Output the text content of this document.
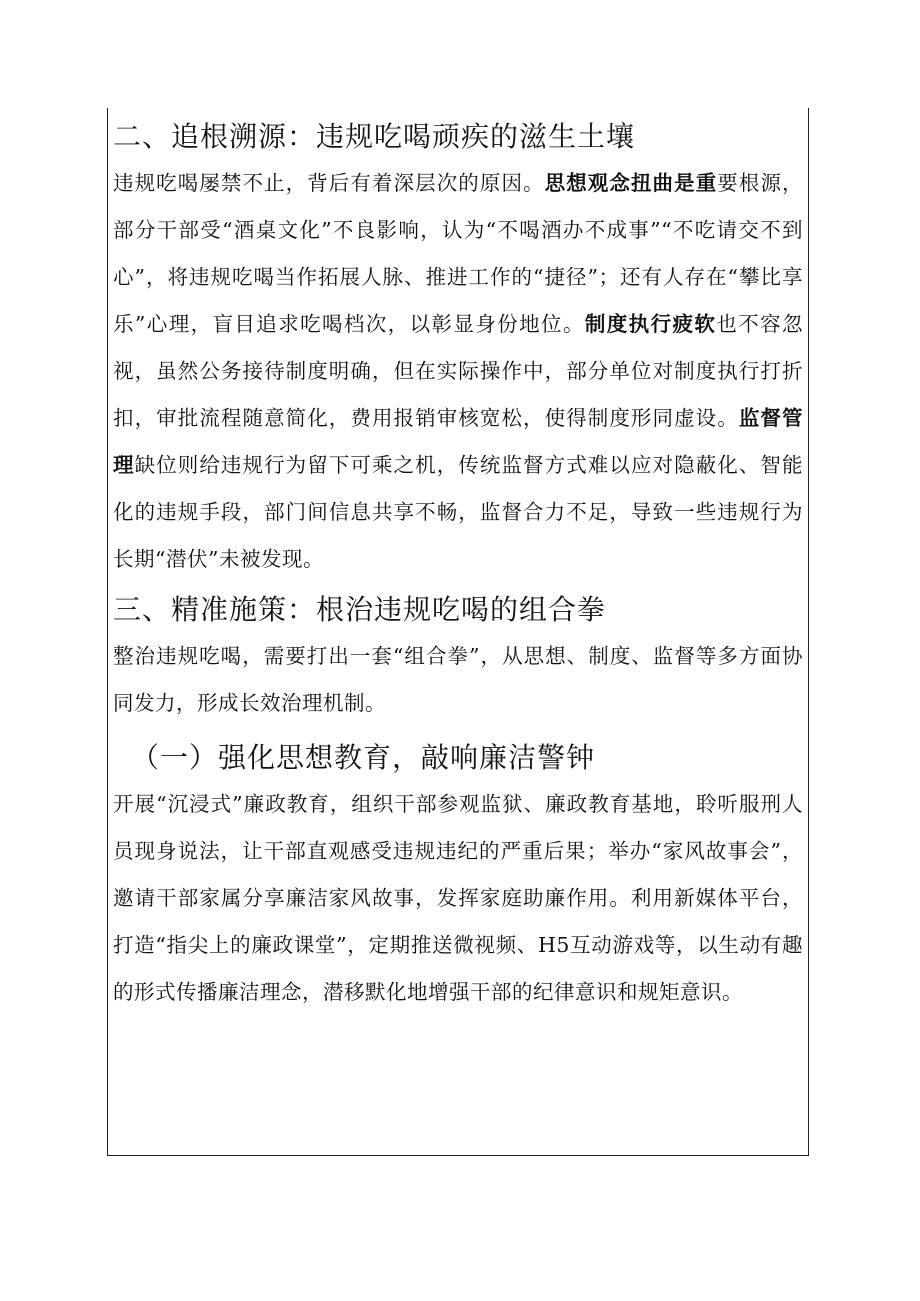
二、追根溯源：违规吃喝顽疾的滋生土壤

违规吃喝屡禁不止，背后有着深层次的原因。思想观念扭曲是重要根源，部分干部受“酒桌文化”不良影响，认为“不喝酒办不成事”“不吃请交不到心”，将违规吃喝当作拓展人脉、推进工作的“捷径”；还有人存在“攀比享乐”心理，盲目追求吃喝档次，以彰显身份地位。制度执行疲软也不容忽视，虽然公务接待制度明确，但在实际操作中，部分单位对制度执行打折扣，审批流程随意简化，费用报销审核宽松，使得制度形同虚设。监督管理缺位则给违规行为留下可乘之机，传统监督方式难以应对隐蔽化、智能化的违规手段，部门间信息共享不畅，监督合力不足，导致一些违规行为长期“潜伏”未被发现。

三、精准施策：根治违规吃喝的组合拳

整治违规吃喝，需要打出一套“组合拳”，从思想、制度、监督等多方面协同发力，形成长效治理机制。

（一）强化思想教育，敲响廉洁警钟

开展“沉浸式”廉政教育，组织干部参观监狱、廉政教育基地，聆听服刑人员现身说法，让干部直观感受违规违纪的严重后果；举办“家风故事会”，邀请干部家属分享廉洁家风故事，发挥家庭助廉作用。利用新媒体平台，打造“指尖上的廉政课堂”，定期推送微视频、H5互动游戏等，以生动有趣的形式传播廉洁理念，潜移默化地增强干部的纪律意识和规矩意识。
